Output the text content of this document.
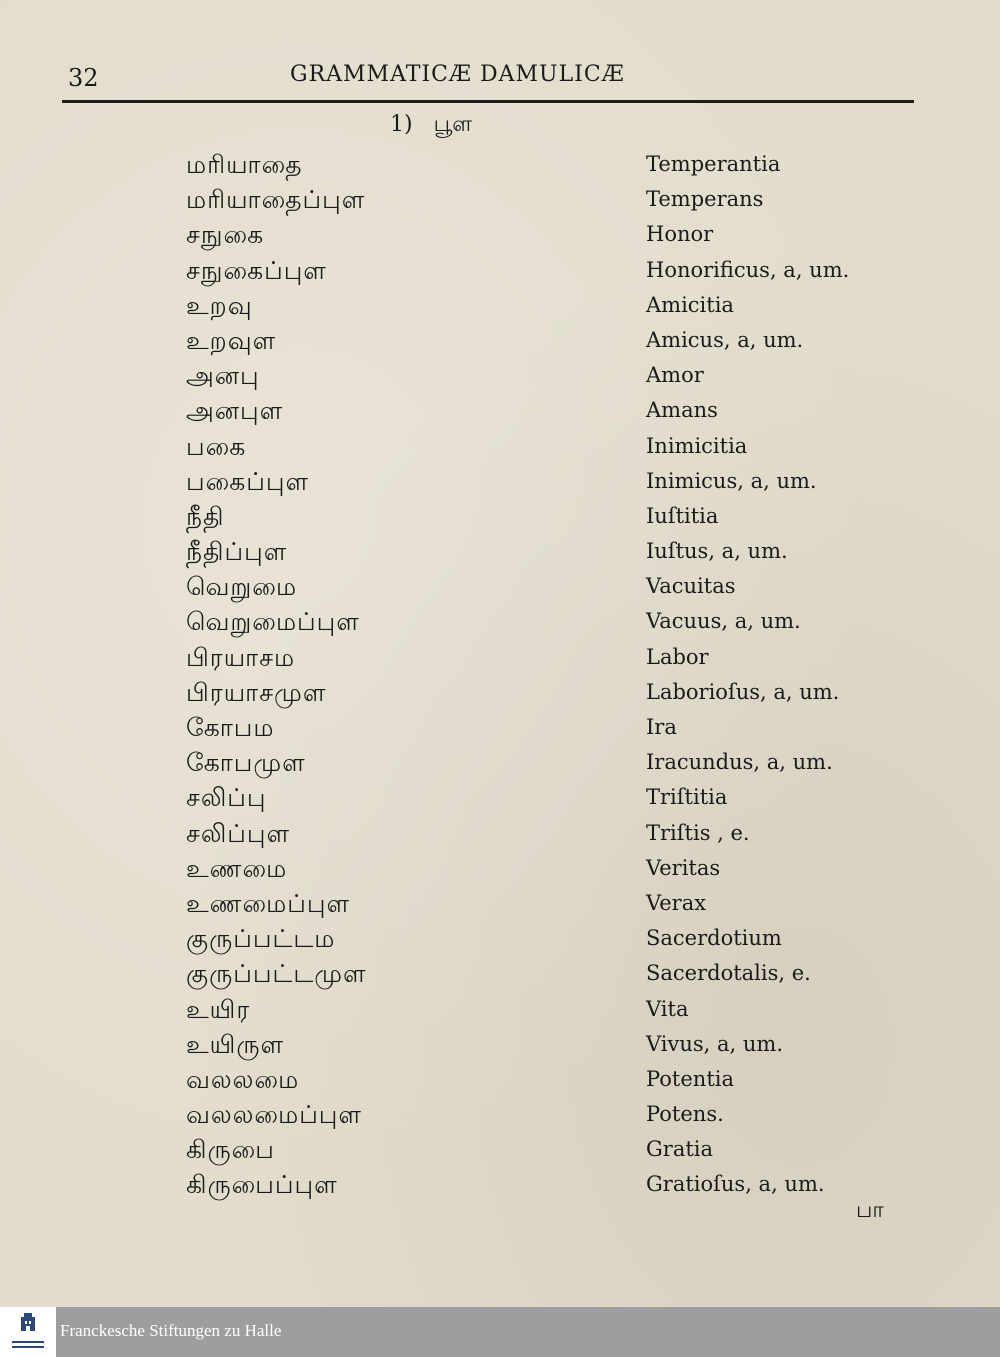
32	GRAMMATICÆ DAMULICÆ
1) பூள
மரியாதை	Temperantia
மரியாதைப்புள	Temperans
சநுகை	Honor
சநுகைப்புள	Honorificus, a, um.
உறவு	Amicitia
உறவுள	Amicus, a, um.
அனபு	Amor
அனபுள	Amans
பகை	Inimicitia
பகைப்புள	Inimicus, a, um.
நீதி	Iuſtitia
நீதிப்புள	Iuſtus, a, um.
வெறுமை	Vacuitas
வெறுமைப்புள	Vacuus, a, um.
பிரயாசம	Labor
பிரயாசமுள	Laborioſus, a, um.
கோபம	Ira
கோபமுள	Iracundus, a, um.
சலிப்பு	Triſtitia
சலிப்புள	Triſtis , e.
உணமை	Veritas
உணமைப்புள	Verax
குருப்பட்டம	Sacerdotium
குருப்பட்டமுள	Sacerdotalis, e.
உயிர	Vita
உயிருள	Vivus, a, um.
வலலமை	Potentia
வலலமைப்புள	Potens.
கிருபை	Gratia
கிருபைப்புள	Gratioſus, a, um.
பா
Franckesche Stiftungen zu Halle
